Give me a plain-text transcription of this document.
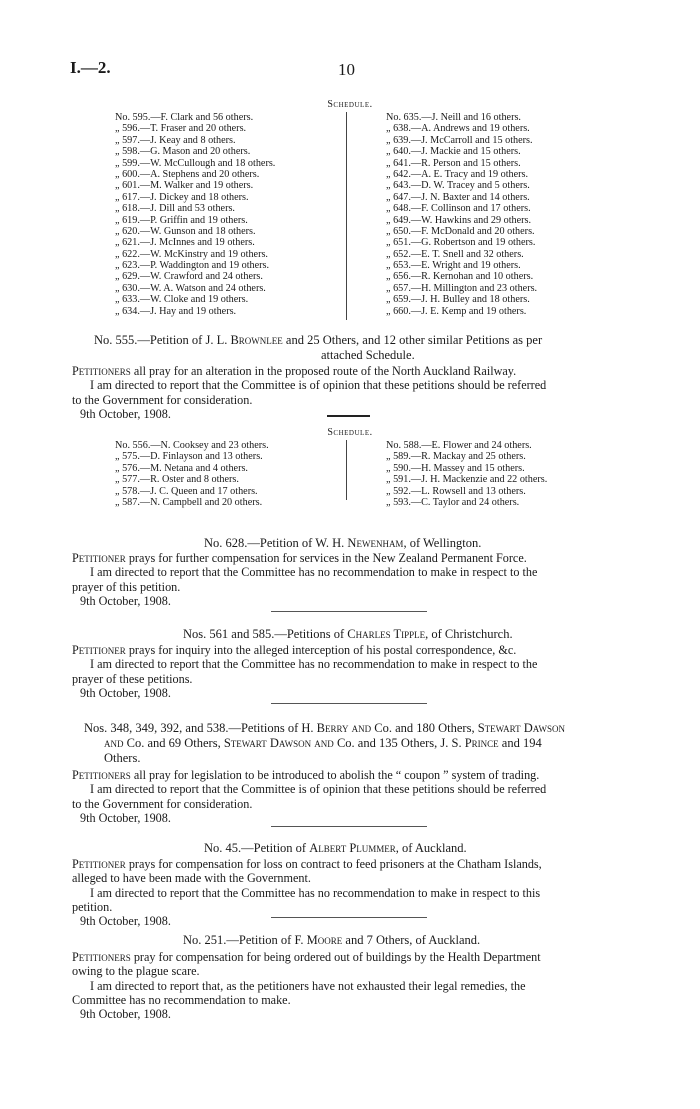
I.—2.	10
Schedule.
No. 595.—F. Clark and 56 others.
„ 596.—T. Fraser and 20 others.
„ 597.—J. Keay and 8 others.
„ 598.—G. Mason and 20 others.
„ 599.—W. McCullough and 18 others.
„ 600.—A. Stephens and 20 others.
„ 601.—M. Walker and 19 others.
„ 617.—J. Dickey and 18 others.
„ 618.—J. Dill and 53 others.
„ 619.—P. Griffin and 19 others.
„ 620.—W. Gunson and 18 others.
„ 621.—J. McInnes and 19 others.
„ 622.—W. McKinstry and 19 others.
„ 623.—P. Waddington and 19 others.
„ 629.—W. Crawford and 24 others.
„ 630.—W. A. Watson and 24 others.
„ 633.—W. Cloke and 19 others.
„ 634.—J. Hay and 19 others.
No. 635.—J. Neill and 16 others.
„ 638.—A. Andrews and 19 others.
„ 639.—J. McCarroll and 15 others.
„ 640.—J. Mackie and 15 others.
„ 641.—R. Person and 15 others.
„ 642.—A. E. Tracy and 19 others.
„ 643.—D. W. Tracey and 5 others.
„ 647.—J. N. Baxter and 14 others.
„ 648.—F. Collinson and 17 others.
„ 649.—W. Hawkins and 29 others.
„ 650.—F. McDonald and 20 others.
„ 651.—G. Robertson and 19 others.
„ 652.—E. T. Snell and 32 others.
„ 653.—E. Wright and 19 others.
„ 656.—R. Kernohan and 10 others.
„ 657.—H. Millington and 23 others.
„ 659.—J. H. Bulley and 18 others.
„ 660.—J. E. Kemp and 19 others.
No. 555.—Petition of J. L. Brownlee and 25 Others, and 12 other similar Petitions as per
attached Schedule.
Petitioners all pray for an alteration in the proposed route of the North Auckland Railway.
I am directed to report that the Committee is of opinion that these petitions should be referred
to the Government for consideration.
9th October, 1908.
Schedule.
No. 556.—N. Cooksey and 23 others.
„ 575.—D. Finlayson and 13 others.
„ 576.—M. Netana and 4 others.
„ 577.—R. Oster and 8 others.
„ 578.—J. C. Queen and 17 others.
„ 587.—N. Campbell and 20 others.
No. 588.—E. Flower and 24 others.
„ 589.—R. Mackay and 25 others.
„ 590.—H. Massey and 15 others.
„ 591.—J. H. Mackenzie and 22 others.
„ 592.—L. Rowsell and 13 others.
„ 593.—C. Taylor and 24 others.
No. 628.—Petition of W. H. Newenham, of Wellington.
Petitioner prays for further compensation for services in the New Zealand Permanent Force.
I am directed to report that the Committee has no recommendation to make in respect to the
prayer of this petition.
9th October, 1908.
Nos. 561 and 585.—Petitions of Charles Tipple, of Christchurch.
Petitioner prays for inquiry into the alleged interception of his postal correspondence, &c.
I am directed to report that the Committee has no recommendation to make in respect to the
prayer of these petitions.
9th October, 1908.
Nos. 348, 349, 392, and 538.—Petitions of H. Berry and Co. and 180 Others, Stewart Dawson
and Co. and 69 Others, Stewart Dawson and Co. and 135 Others, J. S. Prince and 194
Others.
Petitioners all pray for legislation to be introduced to abolish the “ coupon ” system of trading.
I am directed to report that the Committee is of opinion that these petitions should be referred
to the Government for consideration.
9th October, 1908.
No. 45.—Petition of Albert Plummer, of Auckland.
Petitioner prays for compensation for loss on contract to feed prisoners at the Chatham Islands,
alleged to have been made with the Government.
I am directed to report that the Committee has no recommendation to make in respect to this
petition.
9th October, 1908.
No. 251.—Petition of F. Moore and 7 Others, of Auckland.
Petitioners pray for compensation for being ordered out of buildings by the Health Department
owing to the plague scare.
I am directed to report that, as the petitioners have not exhausted their legal remedies, the
Committee has no recommendation to make.
9th October, 1908.
